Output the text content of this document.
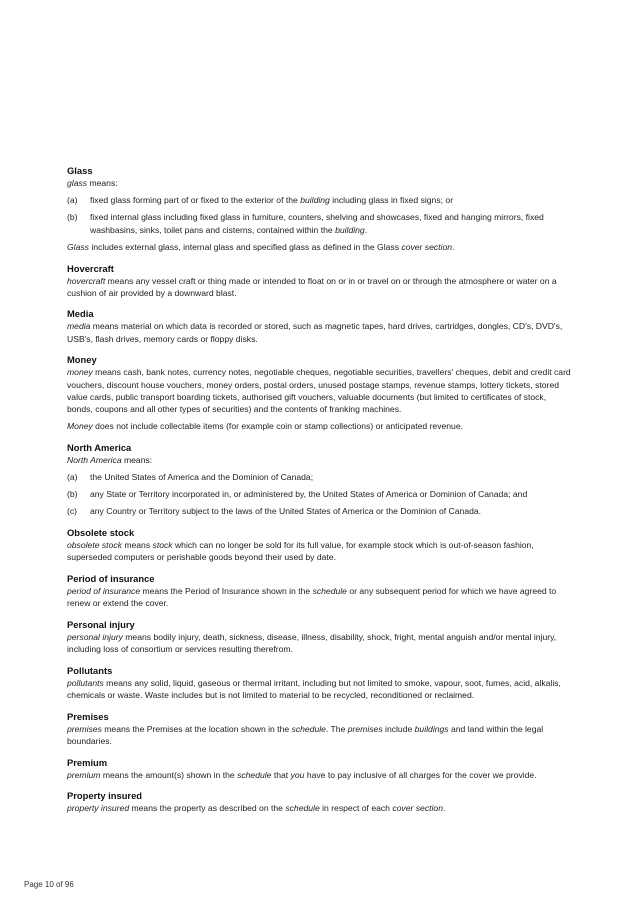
Glass
glass means:
(a)	fixed glass forming part of or fixed to the exterior of the building including glass in fixed signs; or
(b)	fixed internal glass including fixed glass in furniture, counters, shelving and showcases, fixed and hanging mirrors, fixed washbasins, sinks, toilet pans and cisterns, contained within the building.
Glass includes external glass, internal glass and specified glass as defined in the Glass cover section.
Hovercraft
hovercraft means any vessel craft or thing made or intended to float on or in or travel on or through the atmosphere or water on a cushion of air provided by a downward blast.
Media
media means material on which data is recorded or stored, such as magnetic tapes, hard drives, cartridges, dongles, CD's, DVD's, USB's, flash drives, memory cards or floppy disks.
Money
money means cash, bank notes, currency notes, negotiable cheques, negotiable securities, travellers' cheques, debit and credit card vouchers, discount house vouchers, money orders, postal orders, unused postage stamps, revenue stamps, lottery tickets, stored value cards, public transport boarding tickets, authorised gift vouchers, valuable documents (but limited to certificates of stock, bonds, coupons and all other types of securities) and the contents of franking machines.
Money does not include collectable items (for example coin or stamp collections) or anticipated revenue.
North America
North America means:
(a)	the United States of America and the Dominion of Canada;
(b)	any State or Territory incorporated in, or administered by, the United States of America or Dominion of Canada; and
(c)	any Country or Territory subject to the laws of the United States of America or the Dominion of Canada.
Obsolete stock
obsolete stock means stock which can no longer be sold for its full value, for example stock which is out-of-season fashion, superseded computers or perishable goods beyond their used by date.
Period of insurance
period of insurance means the Period of Insurance shown in the schedule or any subsequent period for which we have agreed to renew or extend the cover.
Personal injury
personal injury means bodily injury, death, sickness, disease, illness, disability, shock, fright, mental anguish and/or mental injury, including loss of consortium or services resulting therefrom.
Pollutants
pollutants means any solid, liquid, gaseous or thermal irritant, including but not limited to smoke, vapour, soot, fumes, acid, alkalis, chemicals or waste. Waste includes but is not limited to material to be recycled, reconditioned or reclaimed.
Premises
premises means the Premises at the location shown in the schedule. The premises include buildings and land within the legal boundaries.
Premium
premium means the amount(s) shown in the schedule that you have to pay inclusive of all charges for the cover we provide.
Property insured
property insured means the property as described on the schedule in respect of each cover section.
Page 10 of 96
